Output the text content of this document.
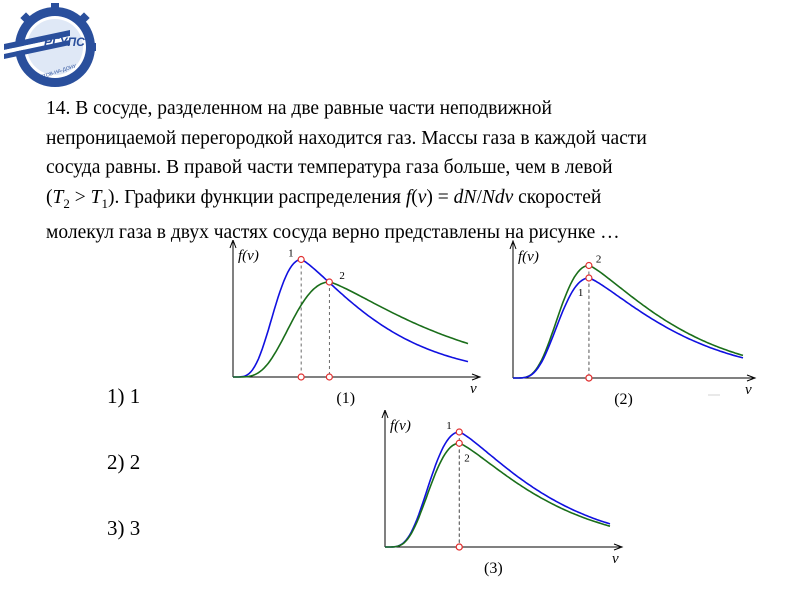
РГУПС
РОСТОВ-НА-ДОНУ
14. В сосуде, разделенном на две равные части неподвижной
непроницаемой перегородкой находится газ. Массы газа в каждой части
сосуда равны. В правой части температура газа больше, чем в левой
$(T_2 > T_1)$. Графики функции распределения f(v) = dN/Ndv скоростей
молекул газа в двух частях сосуда верно представлены на рисунке …
f(v)
v
(1)
1
2
f(v)
v
(2)
2
1
f(v)
v
(3)
1
2
1) 1
2) 2
3) 3
